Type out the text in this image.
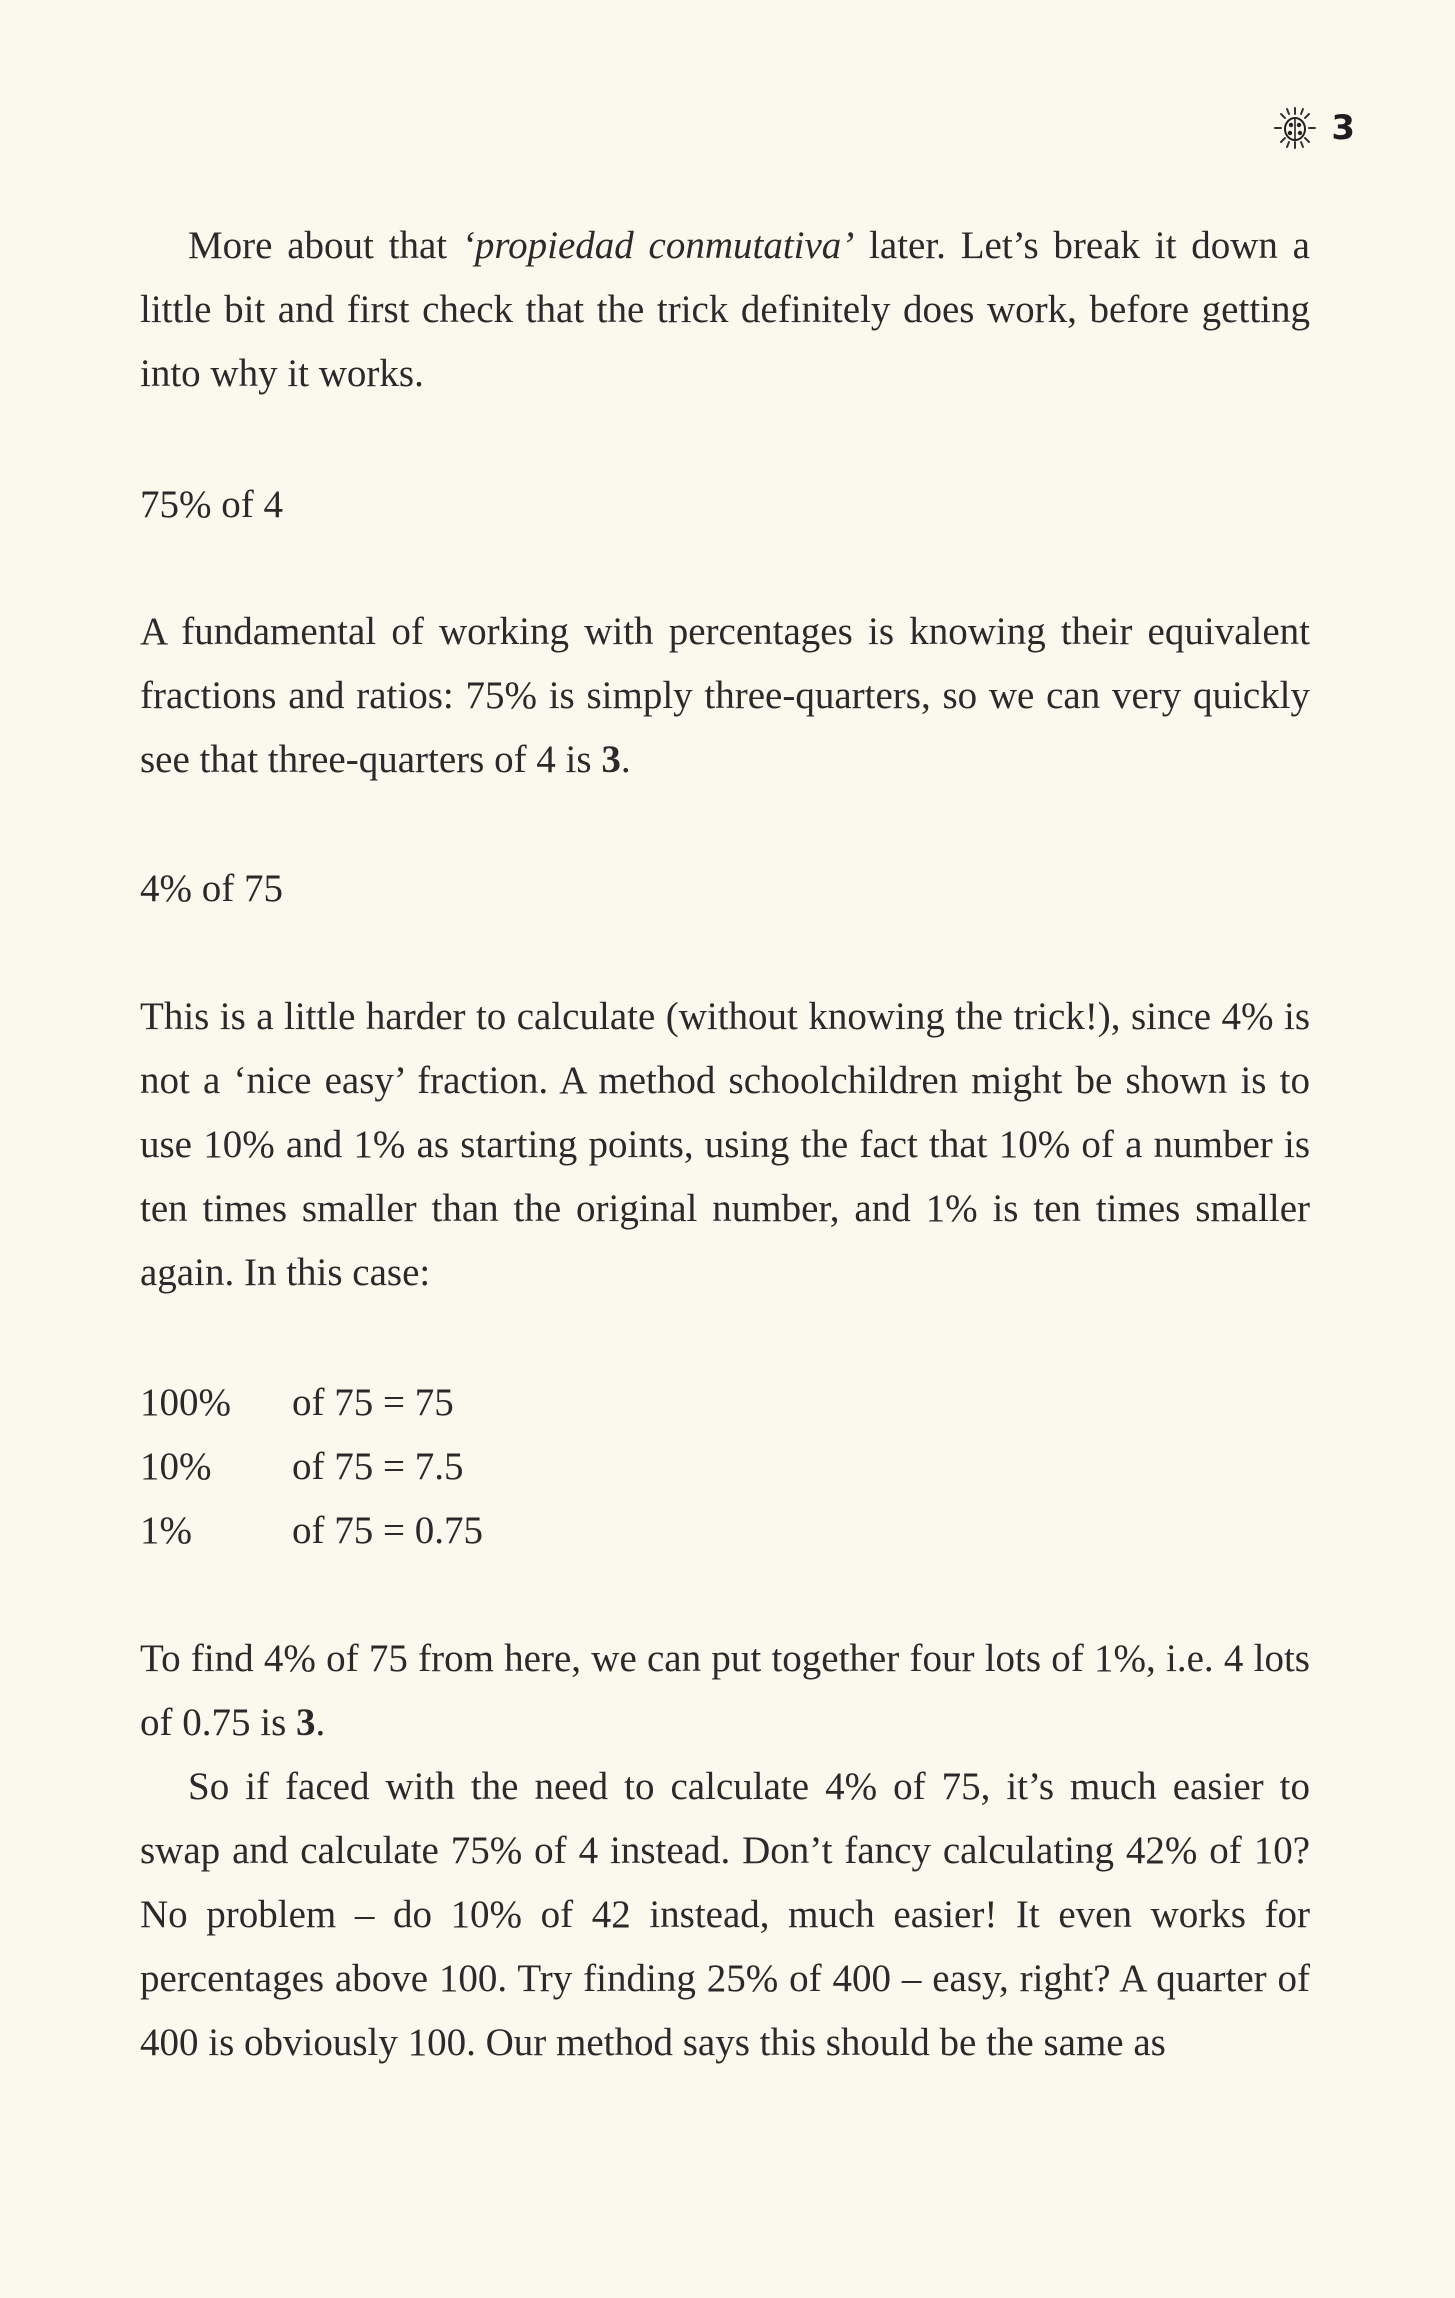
3

More about that ‘propiedad conmutativa’ later. Let’s break it down a little bit and first check that the trick definitely does work, before getting into why it works.

75% of 4

A fundamental of working with percentages is knowing their equivalent fractions and ratios: 75% is simply three-quarters, so we can very quickly see that three-quarters of 4 is 3.

4% of 75

This is a little harder to calculate (without knowing the trick!), since 4% is not a ‘nice easy’ fraction. A method schoolchildren might be shown is to use 10% and 1% as starting points, using the fact that 10% of a number is ten times smaller than the original number, and 1% is ten times smaller again. In this case:

100%	of 75 = 75
10%	of 75 = 7.5
1%	of 75 = 0.75

To find 4% of 75 from here, we can put together four lots of 1%, i.e. 4 lots of 0.75 is 3.

So if faced with the need to calculate 4% of 75, it’s much easier to swap and calculate 75% of 4 instead. Don’t fancy calculating 42% of 10? No problem – do 10% of 42 instead, much easier! It even works for percentages above 100. Try finding 25% of 400 – easy, right? A quarter of 400 is obviously 100. Our method says this should be the same as
